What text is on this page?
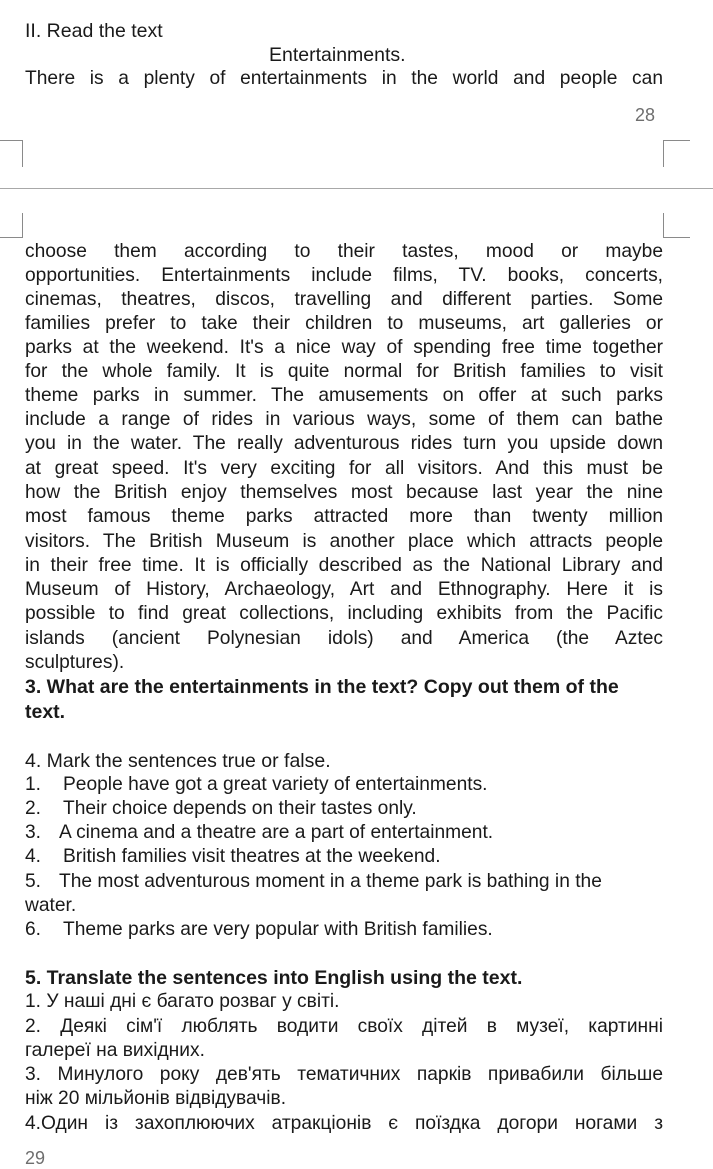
II. Read the text
Entertainments.
There is a plenty of entertainments in the world and people can
28
choose them according to their tastes, mood or maybe
opportunities. Entertainments include films, TV. books, concerts,
cinemas, theatres, discos, travelling and different parties. Some
families prefer to take their children to museums, art galleries or
parks at the weekend. It's a nice way of spending free time together
for the whole family. It is quite normal for British families to visit
theme parks in summer. The amusements on offer at such parks
include a range of rides in various ways, some of them can bathe
you in the water. The really adventurous rides turn you upside down
at great speed. It's very exciting for all visitors. And this must be
how the British enjoy themselves most because last year the nine
most famous theme parks attracted more than twenty million
visitors. The British Museum is another place which attracts people
in their free time. It is officially described as the National Library and
Museum of History, Archaeology, Art and Ethnography. Here it is
possible to find great collections, including exhibits from the Pacific
islands (ancient Polynesian idols) and America (the Aztec
sculptures).
3. What are the entertainments in the text? Copy out them of the
text.
4. Mark the sentences true or false.
1. People have got a great variety of entertainments.
2. Their choice depends on their tastes only.
3. A cinema and a theatre are a part of entertainment.
4. British families visit theatres at the weekend.
5. The most adventurous moment in a theme park is bathing in the
water.
6. Theme parks are very popular with British families.
5. Translate the sentences into English using the text.
1. У наші дні є багато розваг у світі.
2. Деякі сім'ї люблять водити своїх дітей в музеї, картинні
галереї на вихідних.
3. Минулого року дев'ять тематичних парків привабили більше
ніж 20 мільйонів відвідувачів.
4.Один із захоплюючих атракціонів є поїздка догори ногами з
29
